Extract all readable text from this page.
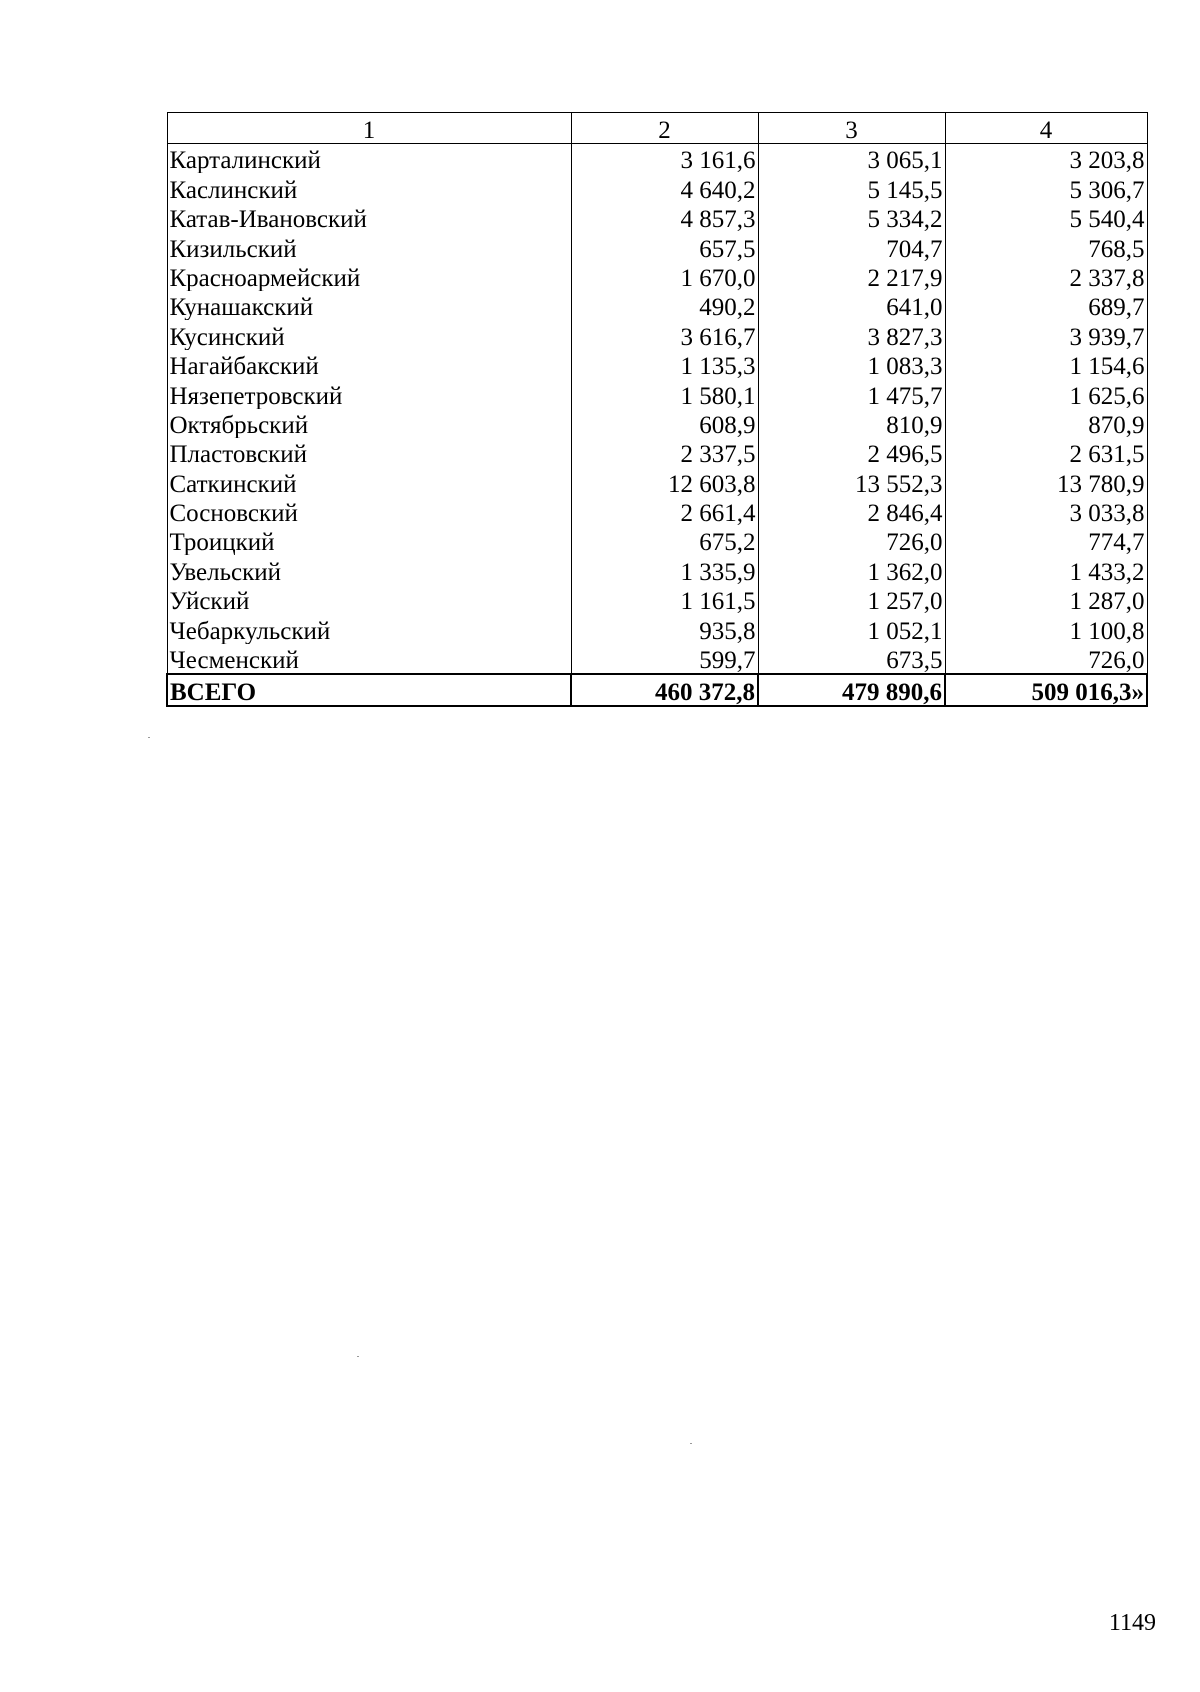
1	2	3	4
Карталинский	3 161,6	3 065,1	3 203,8
Каслинский	4 640,2	5 145,5	5 306,7
Катав-Ивановский	4 857,3	5 334,2	5 540,4
Кизильский	657,5	704,7	768,5
Красноармейский	1 670,0	2 217,9	2 337,8
Кунашакский	490,2	641,0	689,7
Кусинский	3 616,7	3 827,3	3 939,7
Нагайбакский	1 135,3	1 083,3	1 154,6
Нязепетровский	1 580,1	1 475,7	1 625,6
Октябрьский	608,9	810,9	870,9
Пластовский	2 337,5	2 496,5	2 631,5
Саткинский	12 603,8	13 552,3	13 780,9
Сосновский	2 661,4	2 846,4	3 033,8
Троицкий	675,2	726,0	774,7
Увельский	1 335,9	1 362,0	1 433,2
Уйский	1 161,5	1 257,0	1 287,0
Чебаркульский	935,8	1 052,1	1 100,8
Чесменский	599,7	673,5	726,0
ВСЕГО	460 372,8	479 890,6	509 016,3»
1149
